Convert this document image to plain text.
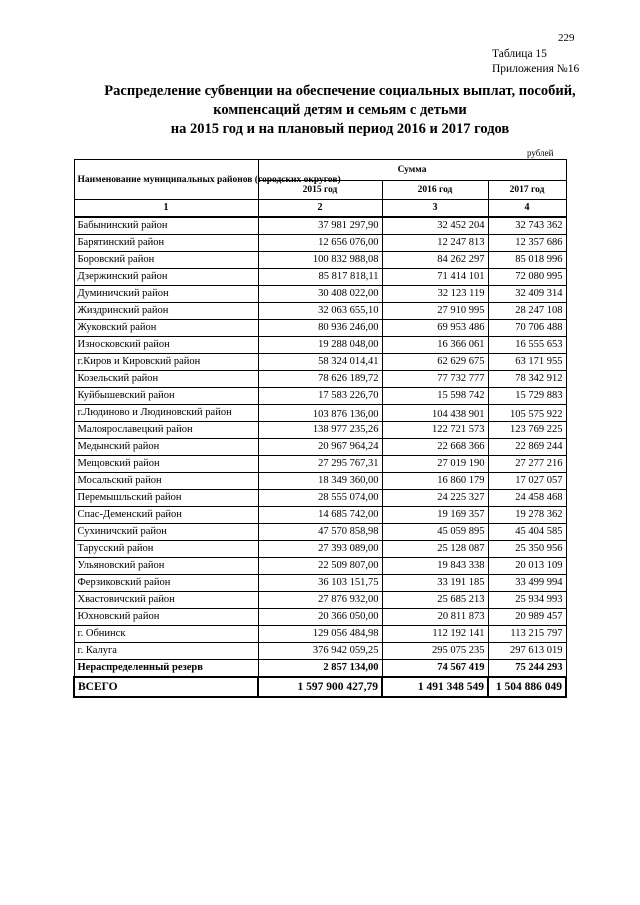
229
Таблица 15
Приложения №16
Распределение субвенции на обеспечение социальных выплат, пособий,
компенсаций детям и семьям с детьми
на 2015 год и на плановый период 2016 и 2017 годов
рублей
Наименование муниципальных районов (городских округов)	Сумма		
	2015 год	2016 год	2017 год
1	2	3	4
Бабынинский район	37 981 297,90	32 452 204	32 743 362
Барятинский район	12 656 076,00	12 247 813	12 357 686
Боровский район	100 832 988,08	84 262 297	85 018 996
Дзержинский район	85 817 818,11	71 414 101	72 080 995
Думиничский район	30 408 022,00	32 123 119	32 409 314
Жиздринский район	32 063 655,10	27 910 995	28 247 108
Жуковский район	80 936 246,00	69 953 486	70 706 488
Износковский район	19 288 048,00	16 366 061	16 555 653
г.Киров и Кировский район	58 324 014,41	62 629 675	63 171 955
Козельский район	78 626 189,72	77 732 777	78 342 912
Куйбышевский район	17 583 226,70	15 598 742	15 729 883
г.Людиново и Людиновский район	103 876 136,00	104 438 901	105 575 922
Малоярославецкий район	138 977 235,26	122 721 573	123 769 225
Медынский район	20 967 964,24	22 668 366	22 869 244
Мещовский район	27 295 767,31	27 019 190	27 277 216
Мосальский район	18 349 360,00	16 860 179	17 027 057
Перемышльский район	28 555 074,00	24 225 327	24 458 468
Спас-Деменский район	14 685 742,00	19 169 357	19 278 362
Сухиничский район	47 570 858,98	45 059 895	45 404 585
Тарусский район	27 393 089,00	25 128 087	25 350 956
Ульяновский район	22 509 807,00	19 843 338	20 013 109
Ферзиковский район	36 103 151,75	33 191 185	33 499 994
Хвастовичский район	27 876 932,00	25 685 213	25 934 993
Юхновский район	20 366 050,00	20 811 873	20 989 457
г. Обнинск	129 056 484,98	112 192 141	113 215 797
г. Калуга	376 942 059,25	295 075 235	297 613 019
Нераспределенный резерв	2 857 134,00	74 567 419	75 244 293
ВСЕГО	1 597 900 427,79	1 491 348 549	1 504 886 049
